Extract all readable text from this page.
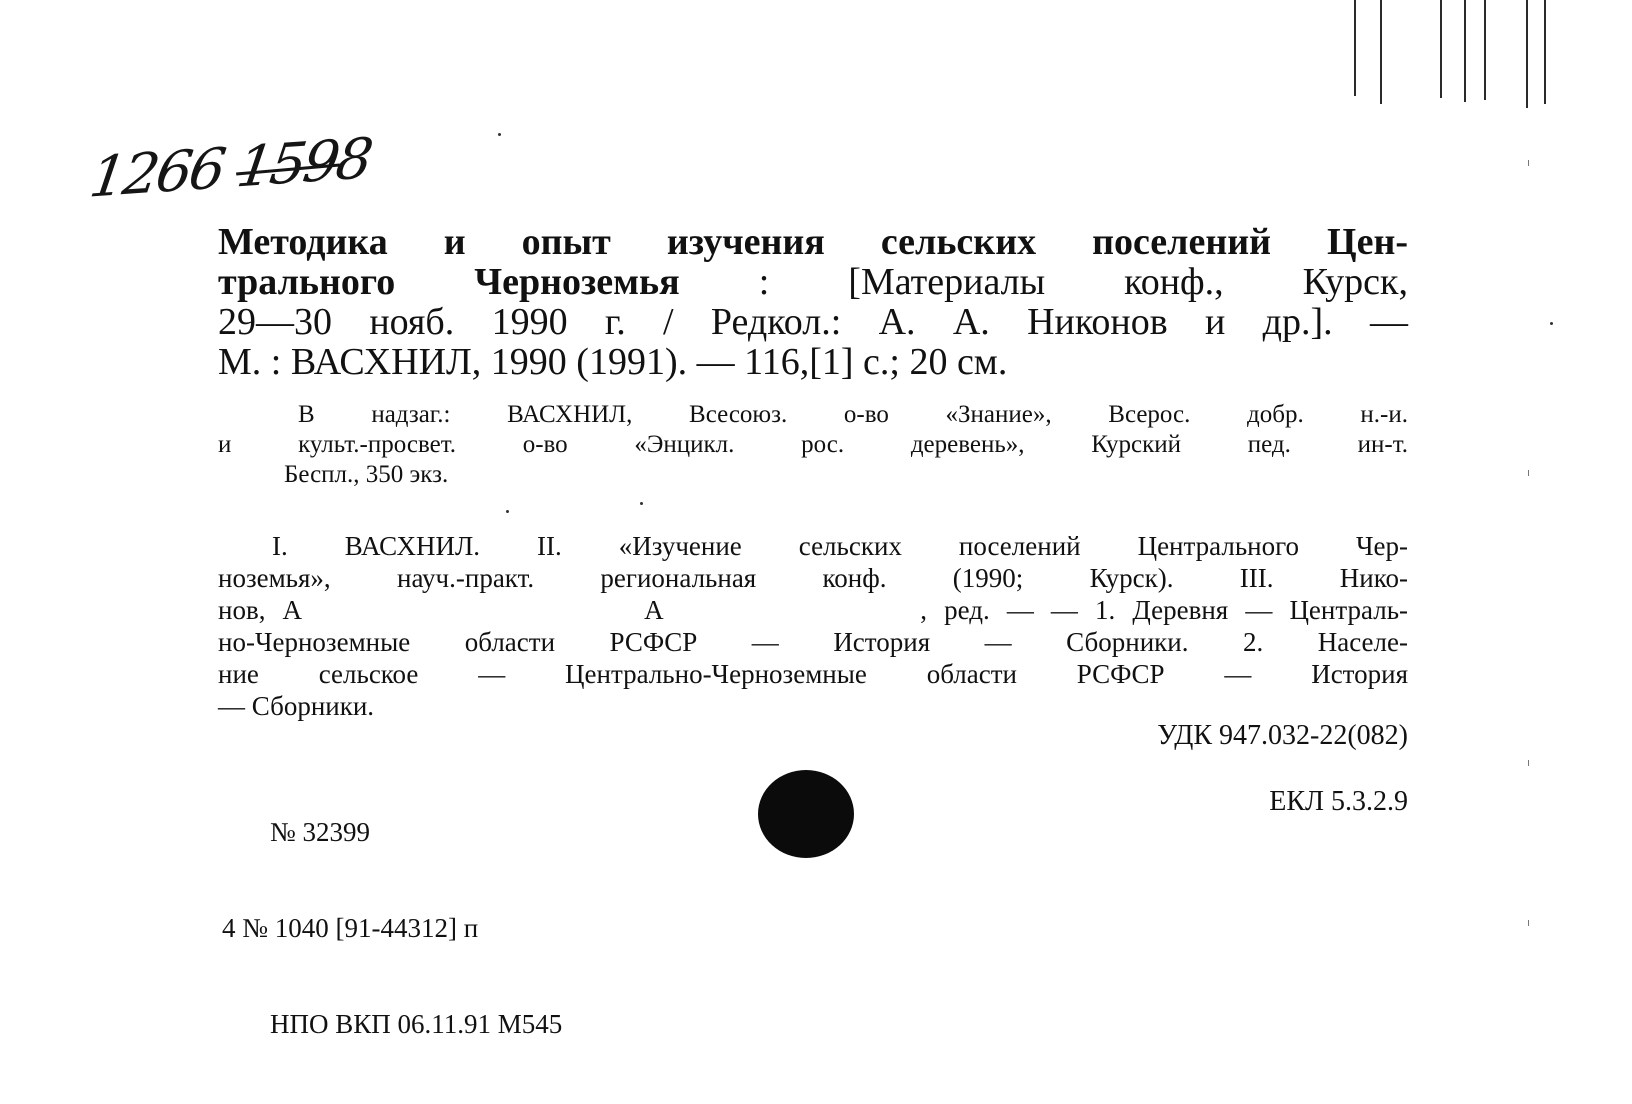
1266 1598
Методика и опыт изучения сельских поселений Цен-
трального Черноземья : [Материалы конф., Курск,
29—30 нояб. 1990 г. / Редкол.: А. А. Никонов и др.]. —
М. : ВАСХНИЛ, 1990 (1991). — 116,[1] с.; 20 см.
В надзаг.: ВАСХНИЛ, Всесоюз. о-во «Знание», Всерос. добр. н.-и.
и культ.-просвет. о-во «Энцикл. рос. деревень», Курский пед. ин-т.
Беспл., 350 экз.
I. ВАСХНИЛ. II. «Изучение сельских поселений Центрального Чер-
ноземья», науч.-практ. региональная конф. (1990; Курск). III. Нико-
нов, А                    А               , ред. — — 1. Деревня — Централь-
но-Черноземные области РСФСР — История — Сборники. 2. Населе-
ние сельское — Центрально-Черноземные области РСФСР — История
— Сборники.
УДК 947.032-22(082)
ЕКЛ 5.3.2.9

№ 32399

4 № 1040 [91-44312] п

НПО ВКП 06.11.91 М545
